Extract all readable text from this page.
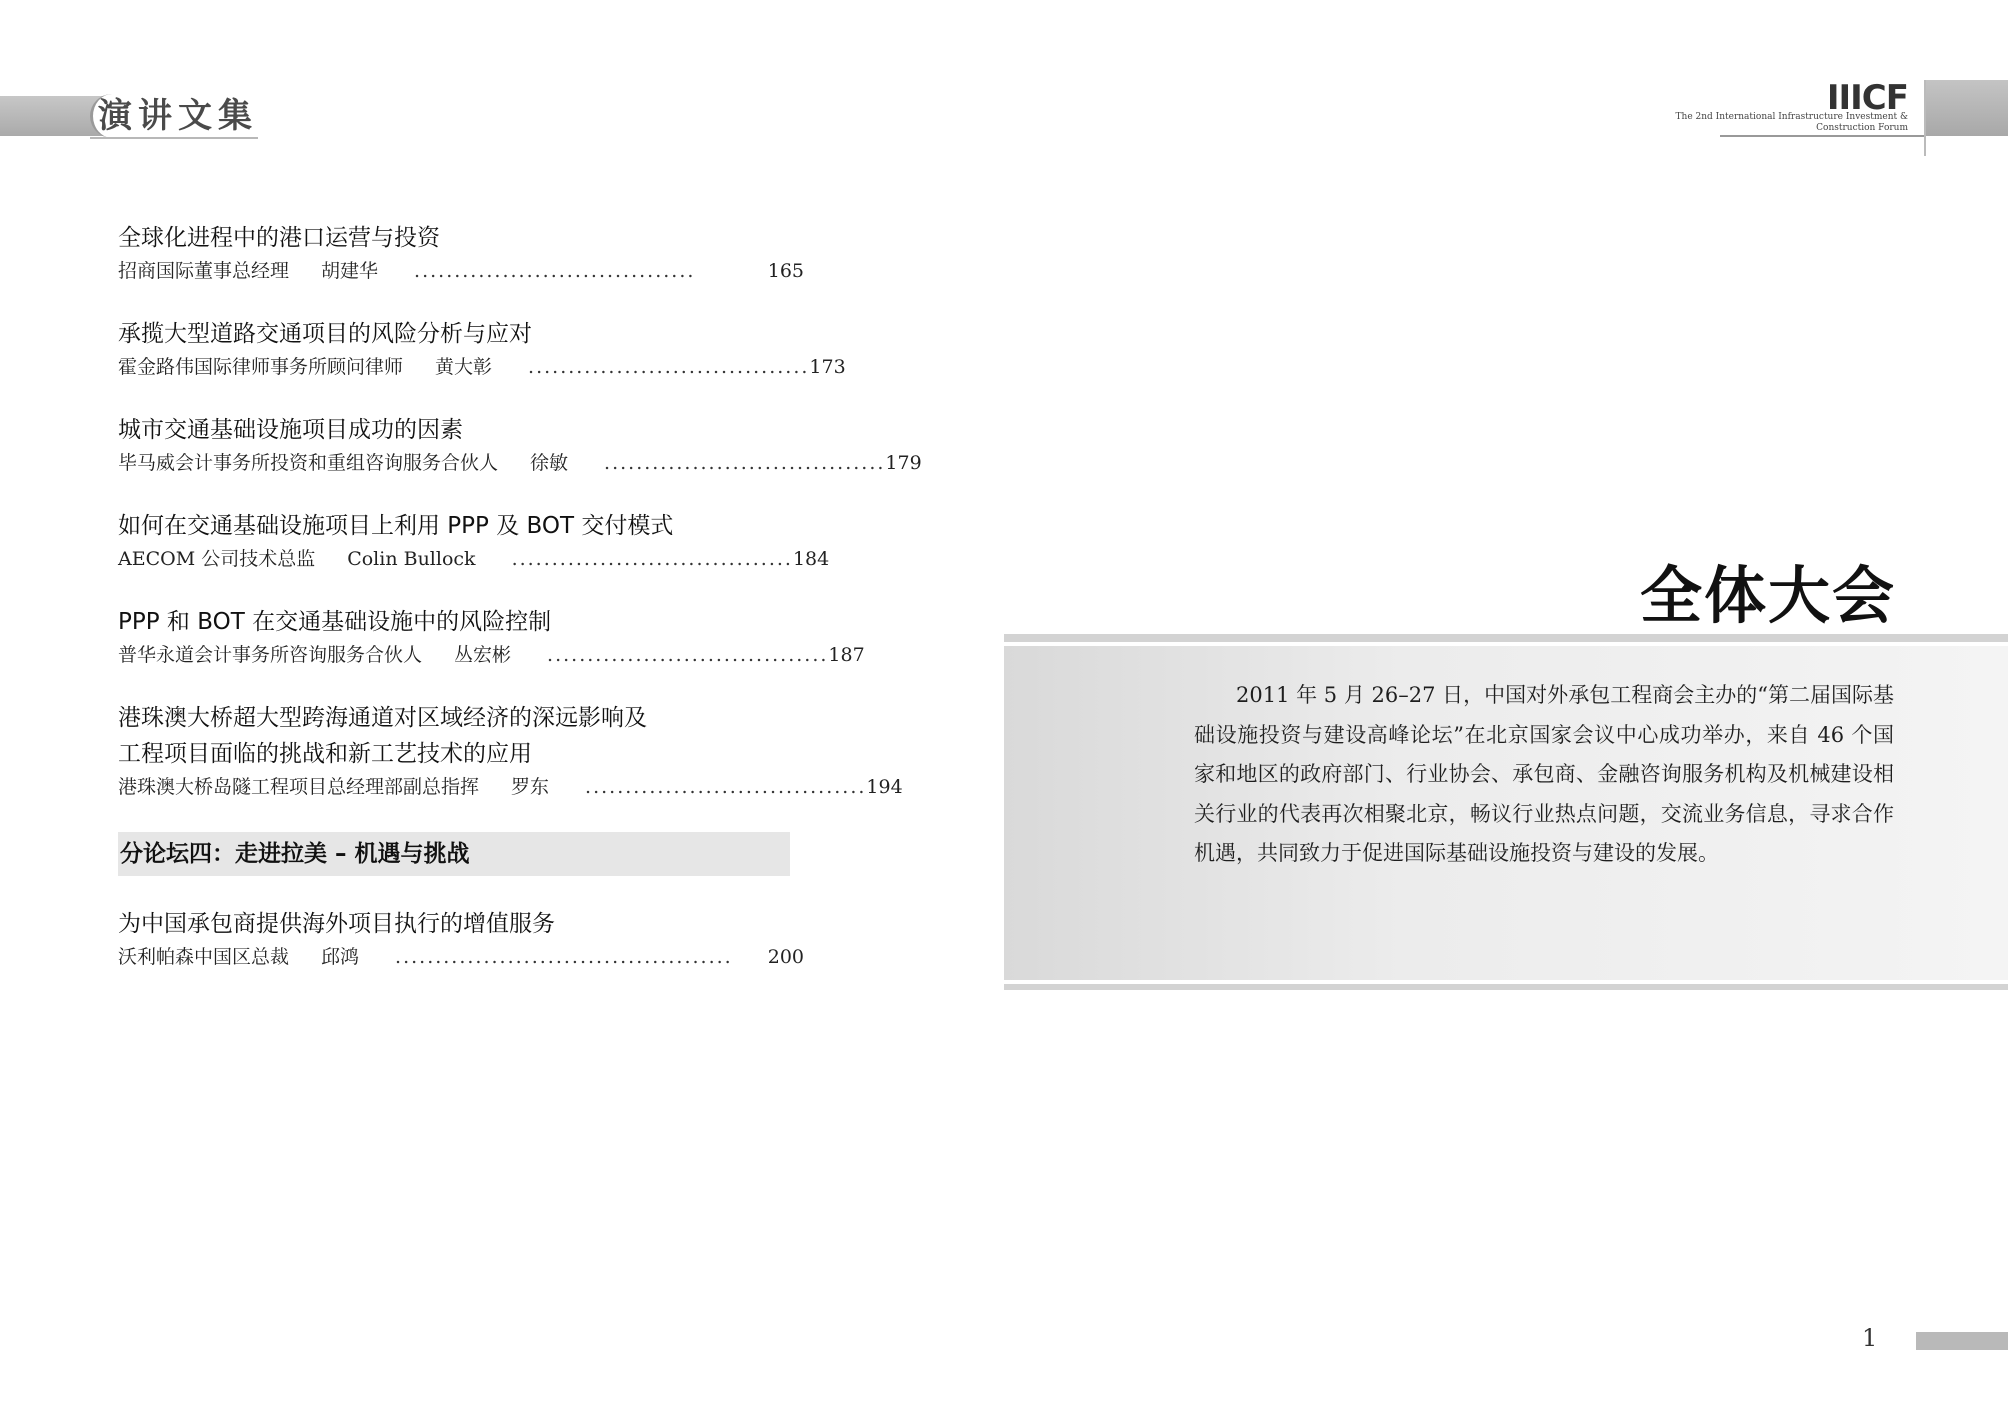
演讲文集	IIICF
The 2nd International Infrastructure Investment &
Construction Forum
全球化进程中的港口运营与投资
招商国际董事总经理 胡建华 ...................................	165
承揽大型道路交通项目的风险分析与应对
霍金路伟国际律师事务所顾问律师 黄大彰 ................................... 173
城市交通基础设施项目成功的因素
毕马威会计事务所投资和重组咨询服务合伙人 徐敏 ................................... 179
如何在交通基础设施项目上利用 PPP 及 BOT 交付模式
AECOM 公司技术总监 Colin Bullock ................................... 184
PPP 和 BOT 在交通基础设施中的风险控制
普华永道会计事务所咨询服务合伙人 丛宏彬 ................................... 187
港珠澳大桥超大型跨海通道对区域经济的深远影响及
工程项目面临的挑战和新工艺技术的应用
港珠澳大桥岛隧工程项目总经理部副总指挥 罗东 ................................... 194
分论坛四：走进拉美 – 机遇与挑战
为中国承包商提供海外项目执行的增值服务
沃利帕森中国区总裁 邱鸿 ..........................................	200
全体大会
2011 年 5 月 26–27 日，中国对外承包工程商会主办的“第二届国际基础设施投资与建设高峰论坛”在北京国家会议中心成功举办，来自 46 个国家和地区的政府部门、行业协会、承包商、金融咨询服务机构及机械建设相关行业的代表再次相聚北京，畅议行业热点问题，交流业务信息，寻求合作机遇，共同致力于促进国际基础设施投资与建设的发展。
1
